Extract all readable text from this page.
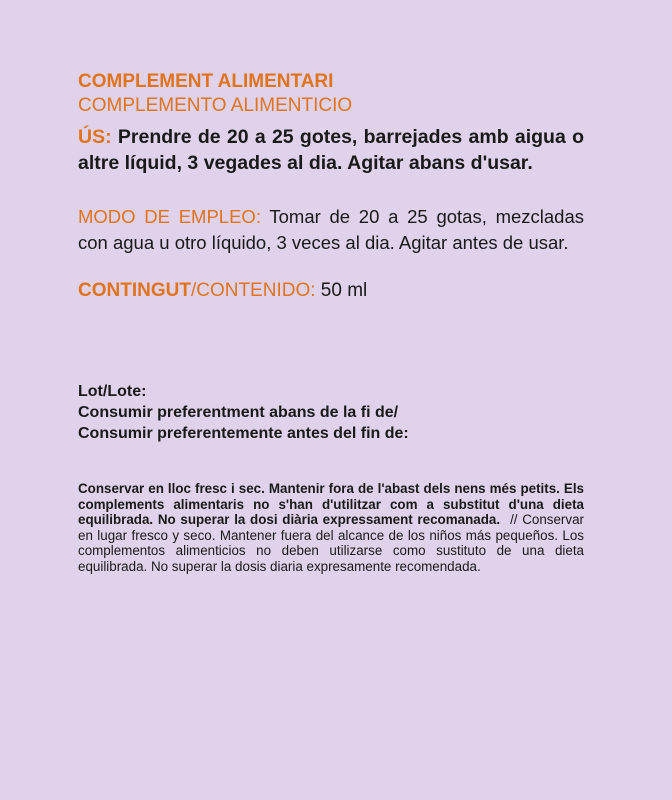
COMPLEMENT ALIMENTARI
COMPLEMENTO ALIMENTICIO
ÚS: Prendre de 20 a 25 gotes, barrejades amb aigua o altre líquid, 3 vegades al dia. Agitar abans d'usar.
MODO DE EMPLEO: Tomar de 20 a 25 gotas, mezcladas con agua u otro líquido, 3 veces al dia. Agitar antes de usar.
CONTINGUT/CONTENIDO: 50 ml
Lot/Lote:
Consumir preferentment abans de la fi de/
Consumir preferentemente antes del fin de:
Conservar en lloc fresc i sec. Mantenir fora de l'abast dels nens més petits. Els complements alimentaris no s'han d'utilitzar com a substitut d'una dieta equilibrada. No superar la dosi diària expressament recomanada. // Conservar en lugar fresco y seco. Mantener fuera del alcance de los niños más pequeños. Los complementos alimenticios no deben utilizarse como sustituto de una dieta equilibrada. No superar la dosis diaria expresamente recomendada.
